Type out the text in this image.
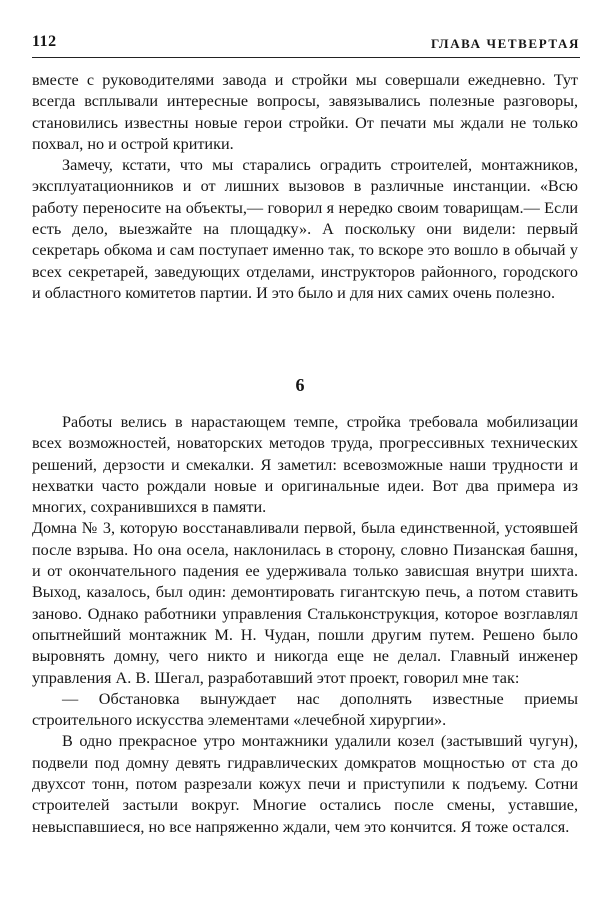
112	ГЛАВА ЧЕТВЕРТАЯ

вместе с руководителями завода и стройки мы совершали ежедневно. Тут всегда всплывали интересные вопросы, завязывались полезные разговоры, становились известны новые герои стройки. От печати мы ждали не только похвал, но и острой критики.

Замечу, кстати, что мы старались оградить строителей, монтажников, эксплуатационников и от лишних вызовов в различные инстанции. «Всю работу переносите на объекты,— говорил я нередко своим товарищам.— Если есть дело, выезжайте на площадку». А поскольку они видели: первый секретарь обкома и сам поступает именно так, то вскоре это вошло в обычай у всех секретарей, заведующих отделами, инструкторов районного, городского и областного комитетов партии. И это было и для них самих очень полезно.

6

Работы велись в нарастающем темпе, стройка требовала мобилизации всех возможностей, новаторских методов труда, прогрессивных технических решений, дерзости и смекалки. Я заметил: всевозможные наши трудности и нехватки часто рождали новые и оригинальные идеи. Вот два примера из многих, сохранившихся в памяти.

Домна № 3, которую восстанавливали первой, была единственной, устоявшей после взрыва. Но она осела, наклонилась в сторону, словно Пизанская башня, и от окончательного падения ее удерживала только зависшая внутри шихта. Выход, казалось, был один: демонтировать гигантскую печь, а потом ставить заново. Однако работники управления Стальконструкция, которое возглавлял опытнейший монтажник М. Н. Чудан, пошли другим путем. Решено было выровнять домну, чего никто и никогда еще не делал. Главный инженер управления А. В. Шегал, разработавший этот проект, говорил мне так:

— Обстановка вынуждает нас дополнять известные приемы строительного искусства элементами «лечебной хирургии».

В одно прекрасное утро монтажники удалили козел (застывший чугун), подвели под домну девять гидравлических домкратов мощностью от ста до двухсот тонн, потом разрезали кожух печи и приступили к подъему. Сотни строителей застыли вокруг. Многие остались после смены, уставшие, невыспавшиеся, но все напряженно ждали, чем это кончится. Я тоже остался.
